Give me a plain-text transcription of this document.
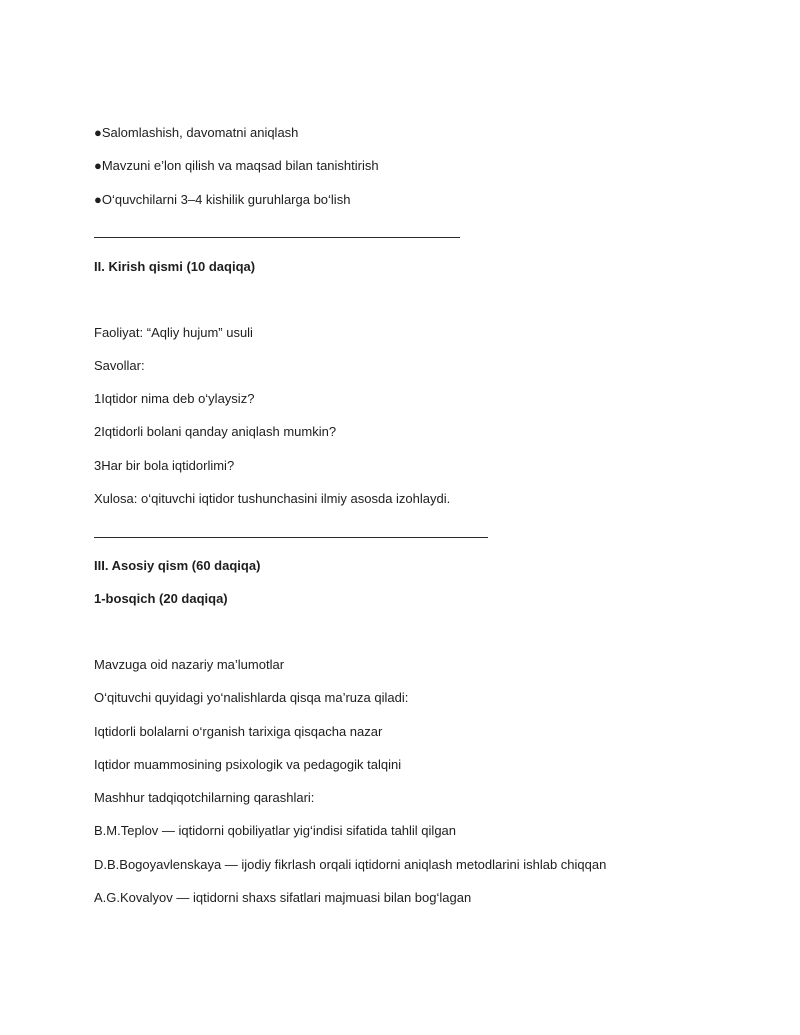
●Salomlashish, davomatni aniqlash
●Mavzuni e’lon qilish va maqsad bilan tanishtirish
●O‘quvchilarni 3–4 kishilik guruhlarga bo‘lish
II. Kirish qismi (10 daqiqa)
Faoliyat: “Aqliy hujum” usuli
Savollar:
1Iqtidor nima deb o‘ylaysiz?
2Iqtidorli bolani qanday aniqlash mumkin?
3Har bir bola iqtidorlimi?
Xulosa: o‘qituvchi iqtidor tushunchasini ilmiy asosda izohlaydi.
III. Asosiy qism (60 daqiqa)
1-bosqich (20 daqiqa)
Mavzuga oid nazariy ma’lumotlar
O‘qituvchi quyidagi yo‘nalishlarda qisqa ma’ruza qiladi:
Iqtidorli bolalarni o‘rganish tarixiga qisqacha nazar
Iqtidor muammosining psixologik va pedagogik talqini
Mashhur tadqiqotchilarning qarashlari:
B.M.Teplov — iqtidorni qobiliyatlar yig‘indisi sifatida tahlil qilgan
D.B.Bogoyavlenskaya — ijodiy fikrlash orqali iqtidorni aniqlash metodlarini ishlab chiqqan
A.G.Kovalyov — iqtidorni shaxs sifatlari majmuasi bilan bog‘lagan
